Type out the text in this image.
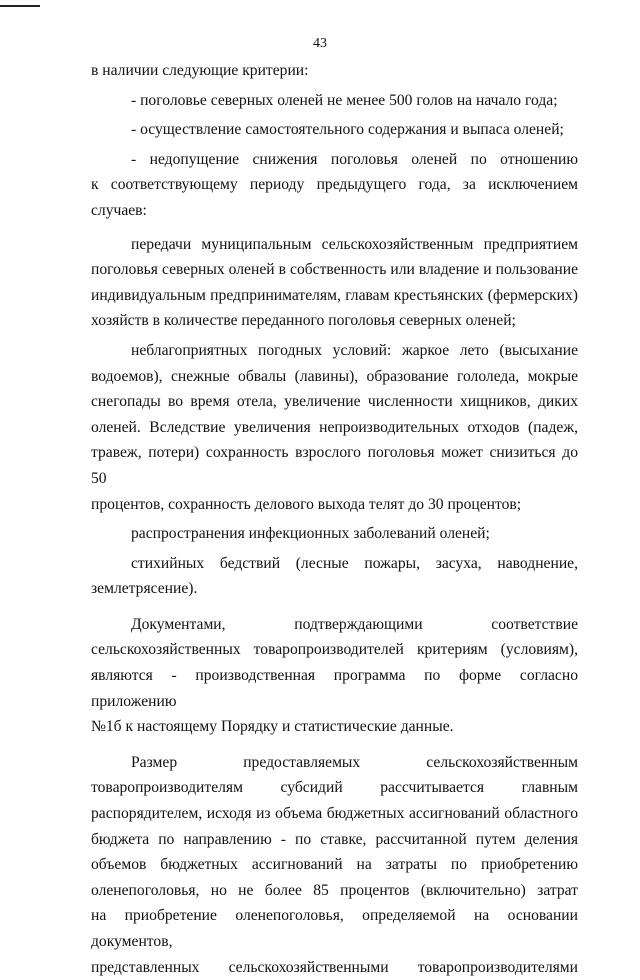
43

в наличии следующие критерии:

- поголовье северных оленей не менее 500 голов на начало года;

- осуществление самостоятельного содержания и выпаса оленей;

- недопущение снижения поголовья оленей по отношению

к соответствующему периоду предыдущего года, за исключением случаев:

передачи муниципальным сельскохозяйственным предприятием

поголовья северных оленей в собственность или владение и пользование

индивидуальным предпринимателям, главам крестьянских (фермерских)

хозяйств в количестве переданного поголовья северных оленей;

неблагоприятных погодных условий: жаркое лето (высыхание

водоемов), снежные обвалы (лавины), образование гололеда, мокрые

снегопады во время отела, увеличение численности хищников, диких

оленей. Вследствие увеличения непроизводительных отходов (падеж,

травеж, потери) сохранность взрослого поголовья может снизиться до 50

процентов, сохранность делового выхода телят до 30 процентов;

распространения инфекционных заболеваний оленей;

стихийных бедствий (лесные пожары, засуха, наводнение,

землетрясение).

Документами, подтверждающими соответствие

сельскохозяйственных товаропроизводителей критериям (условиям),

являются - производственная программа по форме согласно приложению

№1б к настоящему Порядку и статистические данные.

Размер предоставляемых сельскохозяйственным

товаропроизводителям субсидий рассчитывается главным

распорядителем, исходя из объема бюджетных ассигнований областного

бюджета по направлению - по ставке, рассчитанной путем деления

объемов бюджетных ассигнований на затраты по приобретению

оленепоголовья, но не более 85 процентов (включительно) затрат

на приобретение оленепоголовья, определяемой на основании документов,

представленных сельскохозяйственными товаропроизводителями
